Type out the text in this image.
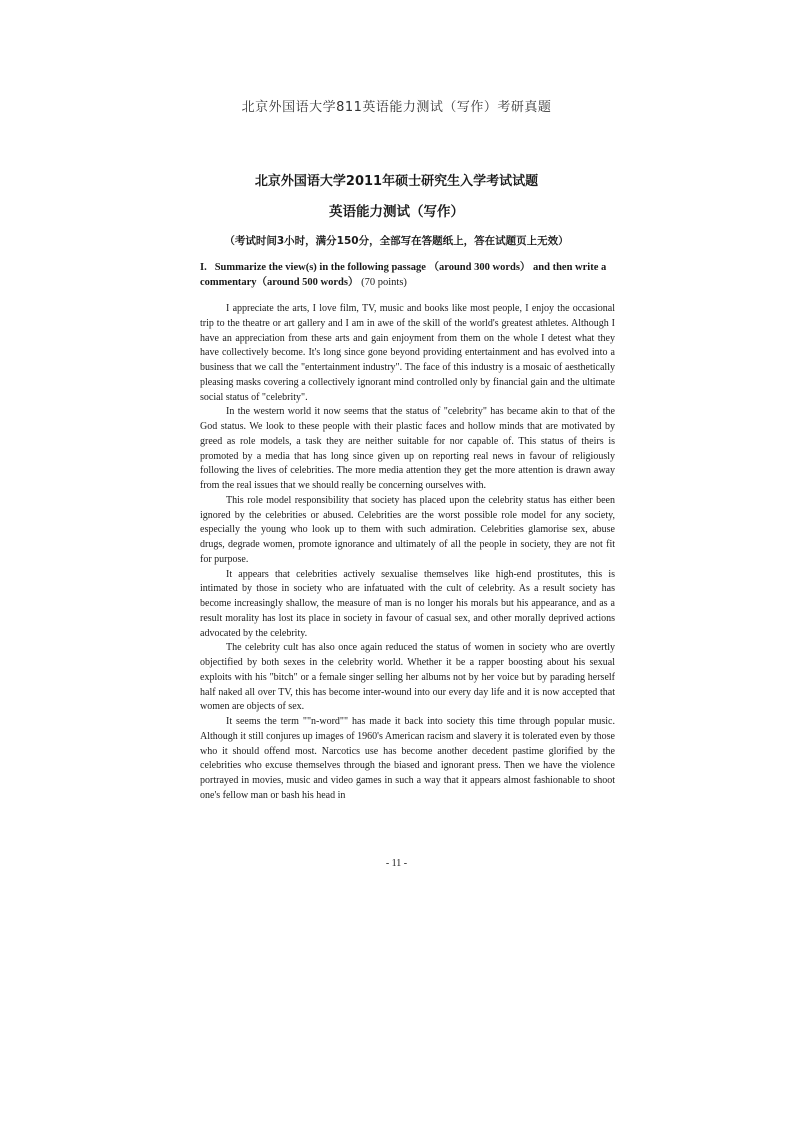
北京外国语大学811英语能力测试（写作）考研真题
北京外国语大学2011年硕士研究生入学考试试题
英语能力测试（写作）
（考试时间3小时，满分150分，全部写在答题纸上，答在试题页上无效）
I. Summarize the view(s) in the following passage （around 300 words） and then write a commentary（around 500 words） (70 points)

I appreciate the arts, I love film, TV, music and books like most people, I enjoy the occasional trip to the theatre or art gallery and I am in awe of the skill of the world's greatest athletes. Although I have an appreciation from these arts and gain enjoyment from them on the whole I detest what they have collectively become. It's long since gone beyond providing entertainment and has evolved into a business that we call the "entertainment industry". The face of this industry is a mosaic of aesthetically pleasing masks covering a collectively ignorant mind controlled only by financial gain and the ultimate social status of "celebrity".

In the western world it now seems that the status of "celebrity" has became akin to that of the God status. We look to these people with their plastic faces and hollow minds that are motivated by greed as role models, a task they are neither suitable for nor capable of. This status of theirs is promoted by a media that has long since given up on reporting real news in favour of religiously following the lives of celebrities. The more media attention they get the more attention is drawn away from the real issues that we should really be concerning ourselves with.

This role model responsibility that society has placed upon the celebrity status has either been ignored by the celebrities or abused. Celebrities are the worst possible role model for any society, especially the young who look up to them with such admiration. Celebrities glamorise sex, abuse drugs, degrade women, promote ignorance and ultimately of all the people in society, they are not fit for purpose.

It appears that celebrities actively sexualise themselves like high-end prostitutes, this is intimated by those in society who are infatuated with the cult of celebrity. As a result society has become increasingly shallow, the measure of man is no longer his morals but his appearance, and as a result morality has lost its place in society in favour of casual sex, and other morally deprived actions advocated by the celebrity.

The celebrity cult has also once again reduced the status of women in society who are overtly objectified by both sexes in the celebrity world. Whether it be a rapper boosting about his sexual exploits with his "bitch" or a female singer selling her albums not by her voice but by parading herself half naked all over TV, this has become inter-wound into our every day life and it is now accepted that women are objects of sex.

It seems the term ""n-word"" has made it back into society this time through popular music. Although it still conjures up images of 1960's American racism and slavery it is tolerated even by those who it should offend most. Narcotics use has become another decedent pastime glorified by the celebrities who excuse themselves through the biased and ignorant press. Then we have the violence portrayed in movies, music and video games in such a way that it appears almost fashionable to shoot one's fellow man or bash his head in

- 11 -
